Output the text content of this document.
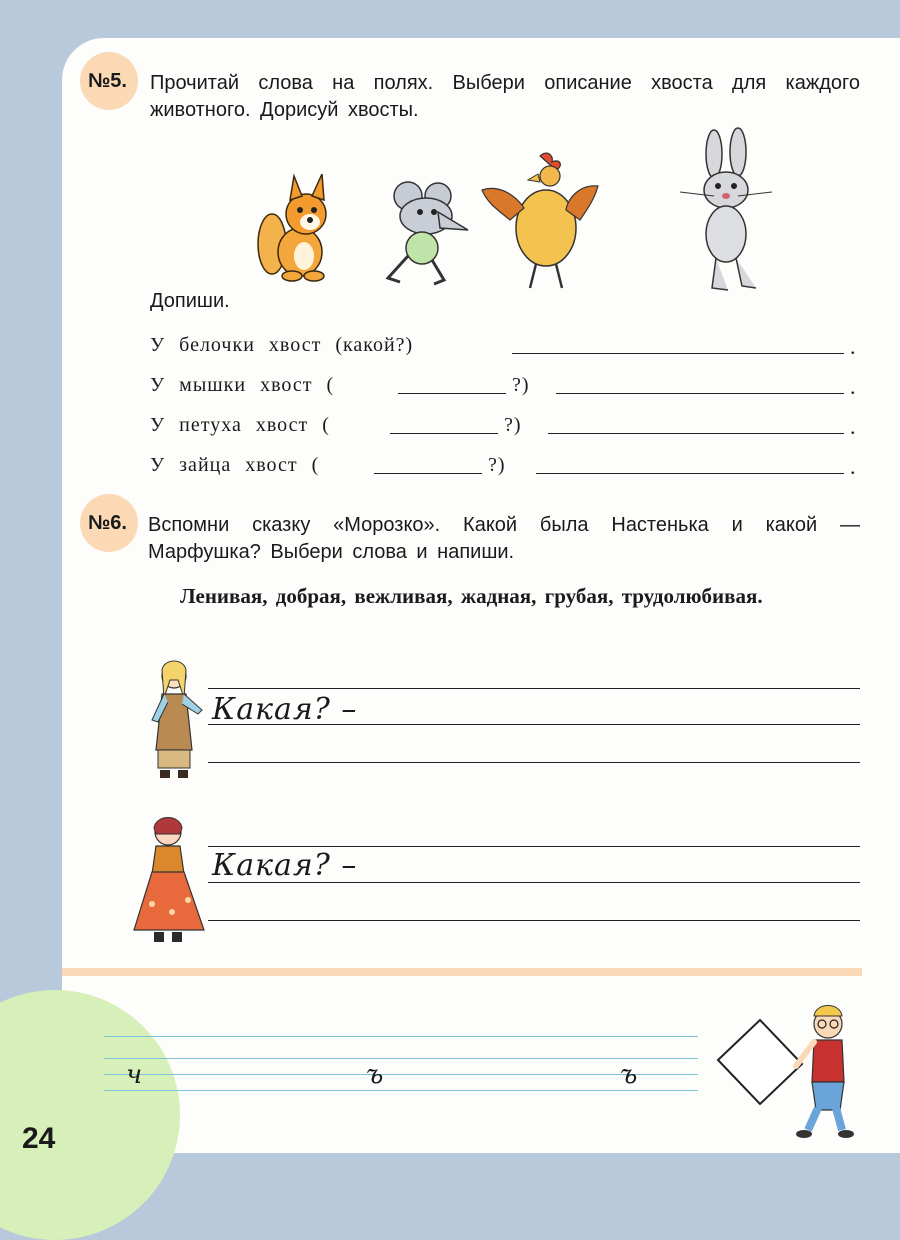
№5. Прочитай слова на полях. Выбери описание хвоста для каждого животного. Дорисуй хвосты.
Допиши.
У белочки хвост (какой?)	.
У мышки хвост (	?)	.
У петуха хвост (	?)	.
У зайца хвост (	?)	.
№6. Вспомни сказку «Морозко». Какой была Настенька и какой — Марфушка? Выбери слова и напиши.
Ленивая, добрая, вежливая, жадная, грубая, трудолюбивая.
Какая? –
Какая? –
ч	ъ	ъ
24
